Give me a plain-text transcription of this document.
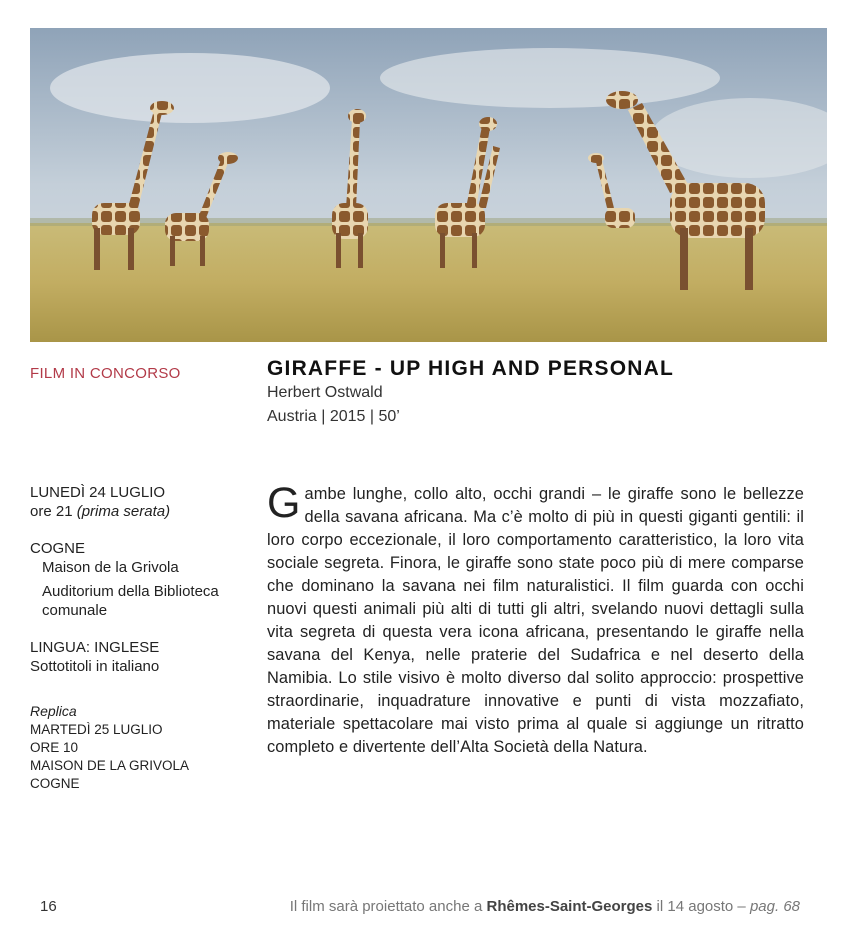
FILM IN CONCORSO	GIRAFFE - UP HIGH AND PERSONAL
Herbert Ostwald
Austria | 2015 | 50’
LUNEDÌ 24 LUGLIO
ore 21 (prima serata)
COGNE
Maison de la Grivola
Auditorium della Biblioteca comunale
LINGUA: INGLESE
Sottotitoli in italiano
Replica
MARTEDÌ 25 LUGLIO
ORE 10
MAISON DE LA GRIVOLA
COGNE
Gambe lunghe, collo alto, occhi grandi – le giraffe sono le bellezze della savana africana. Ma c’è molto di più in questi giganti gentili: il loro corpo eccezionale, il loro comportamento caratteristico, la loro vita sociale segreta. Finora, le giraffe sono state poco più di mere comparse che dominano la savana nei film naturalistici. Il film guarda con occhi nuovi questi animali più alti di tutti gli altri, svelando nuovi dettagli sulla vita segreta di questa vera icona africana, presentando le giraffe nella savana del Kenya, nelle praterie del Sudafrica e nel deserto della Namibia. Lo stile visivo è molto diverso dal solito approccio: prospettive straordinarie, inquadrature innovative e punti di vista mozzafiato, materiale spettacolare mai visto prima al quale si aggiunge un ritratto completo e divertente dell’Alta Società della Natura.
16	Il film sarà proiettato anche a Rhêmes-Saint-Georges il 14 agosto – pag. 68
